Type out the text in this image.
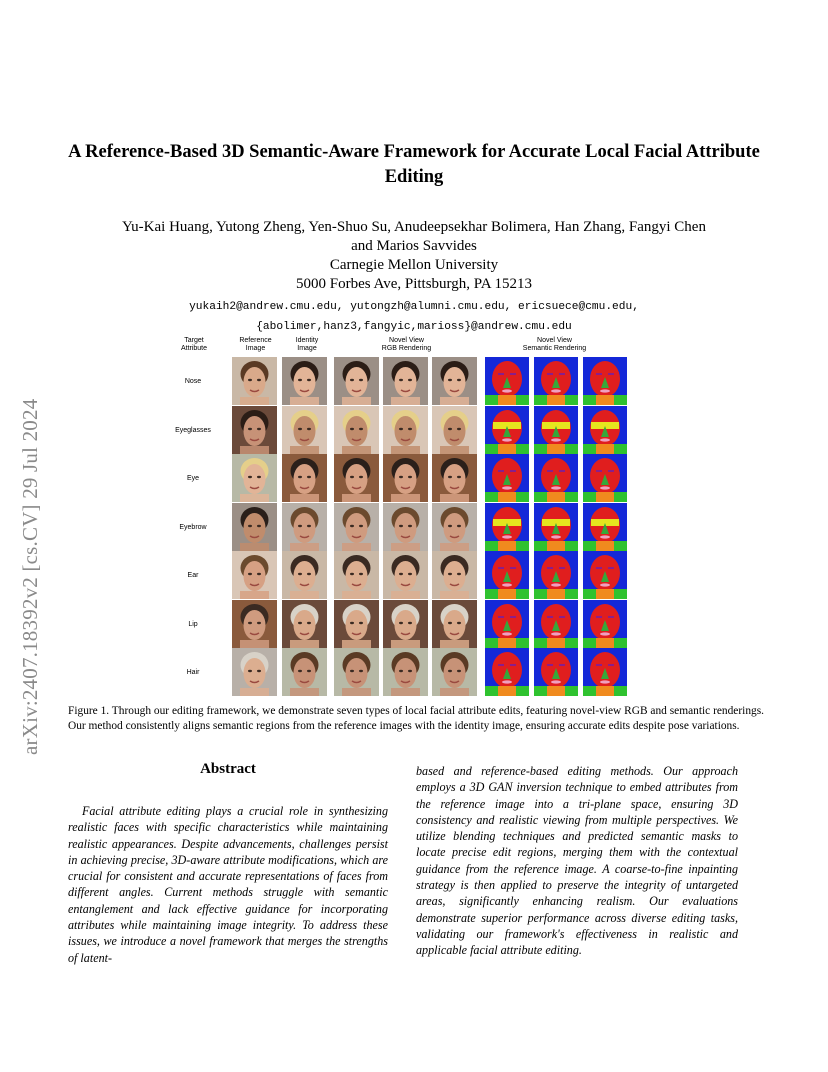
arXiv:2407.18392v2 [cs.CV] 29 Jul 2024
A Reference-Based 3D Semantic-Aware Framework for Accurate Local Facial Attribute Editing
Yu-Kai Huang, Yutong Zheng, Yen-Shuo Su, Anudeepsekhar Bolimera, Han Zhang, Fangyi Chen
and Marios Savvides
Carnegie Mellon University
5000 Forbes Ave, Pittsburgh, PA 15213
yukaih2@andrew.cmu.edu, yutongzh@alumni.cmu.edu, ericsuece@cmu.edu,
{abolimer,hanz3,fangyic,marioss}@andrew.cmu.edu
Target
Attribute
Reference
Image
Identity
Image
Novel View
RGB Rendering
Novel View
Semantic Rendering
Nose
Eyeglasses
Eye
Eyebrow
Ear
Lip
Hair
Figure 1. Through our editing framework, we demonstrate seven types of local facial attribute edits, featuring novel-view RGB and semantic renderings. Our method consistently aligns semantic regions from the reference images with the identity image, ensuring accurate edits despite pose variations.
Abstract
Facial attribute editing plays a crucial role in synthesizing realistic faces with specific characteristics while maintaining realistic appearances. Despite advancements, challenges persist in achieving precise, 3D-aware attribute modifications, which are crucial for consistent and accurate representations of faces from different angles. Current methods struggle with semantic entanglement and lack effective guidance for incorporating attributes while maintaining image integrity. To address these issues, we introduce a novel framework that merges the strengths of latent-
based and reference-based editing methods. Our approach employs a 3D GAN inversion technique to embed attributes from the reference image into a tri-plane space, ensuring 3D consistency and realistic viewing from multiple perspectives. We utilize blending techniques and predicted semantic masks to locate precise edit regions, merging them with the contextual guidance from the reference image. A coarse-to-fine inpainting strategy is then applied to preserve the integrity of untargeted areas, significantly enhancing realism. Our evaluations demonstrate superior performance across diverse editing tasks, validating our framework's effectiveness in realistic and applicable facial attribute editing.
